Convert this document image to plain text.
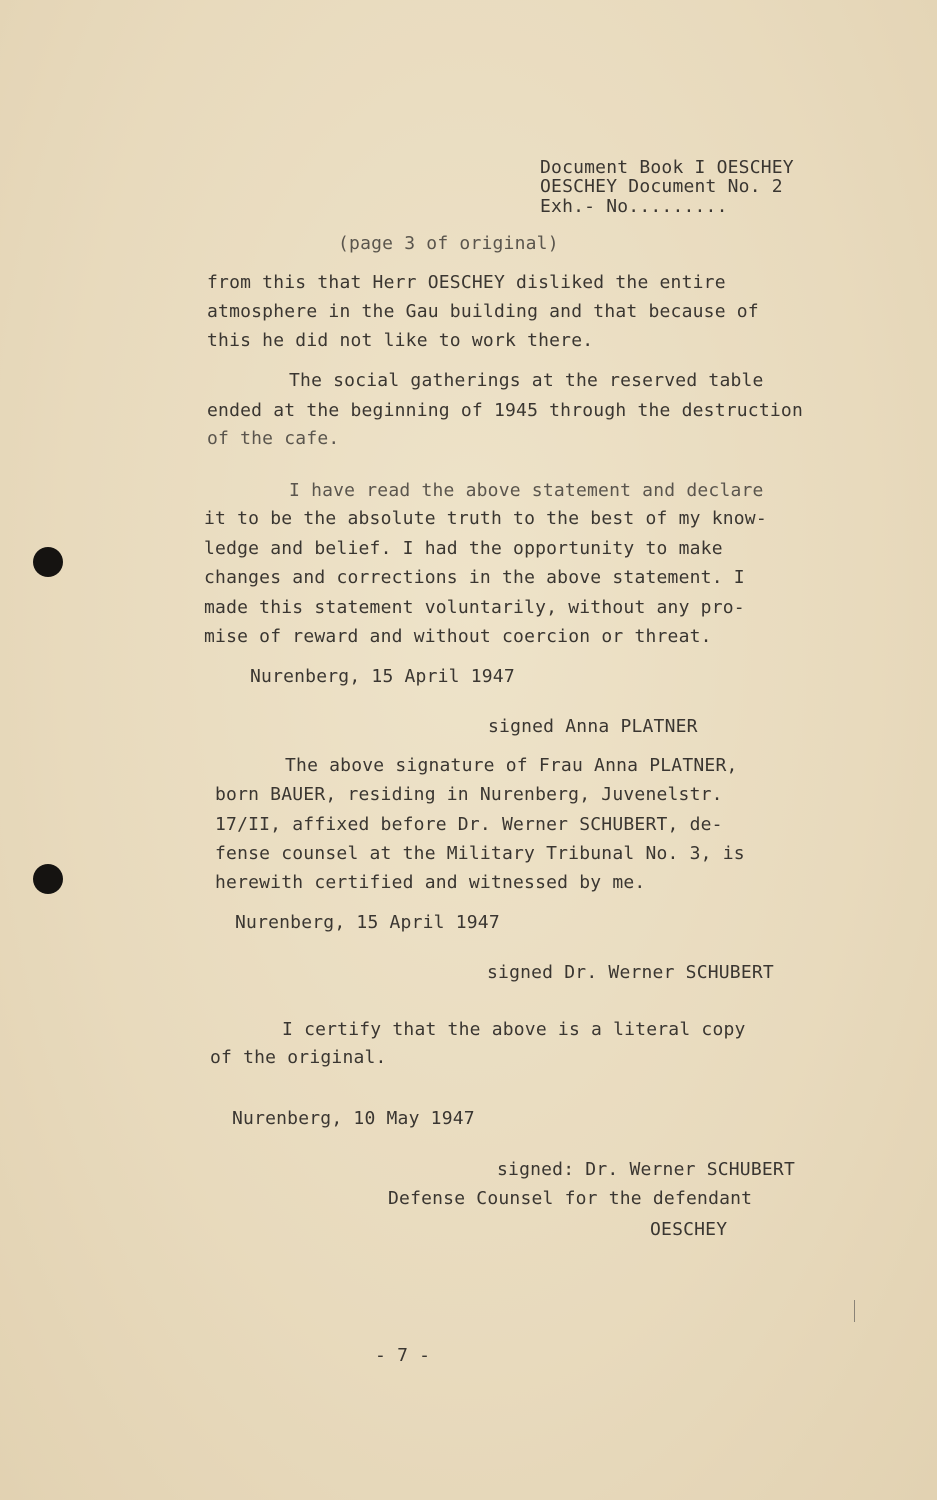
Document Book I OESCHEY
OESCHEY Document No. 2
Exh.- No.........
(page 3 of original)
from this that Herr OESCHEY disliked the entire
atmosphere in the Gau building and that because of
this he did not like to work there.
The social gatherings at the reserved table
ended at the beginning of 1945 through the destruction
of the cafe.
I have read the above statement and declare
it to be the absolute truth to the best of my know-
ledge and belief. I had the opportunity to make
changes and corrections in the above statement. I
made this statement voluntarily, without any pro-
mise of reward and without coercion or threat.
Nurenberg, 15 April 1947
signed Anna PLATNER
The above signature of Frau Anna PLATNER,
born BAUER, residing in Nurenberg, Juvenelstr.
17/II, affixed before Dr. Werner SCHUBERT, de-
fense counsel at the Military Tribunal No. 3, is
herewith certified and witnessed by me.
Nurenberg, 15 April 1947
signed Dr. Werner SCHUBERT
I certify that the above is a literal copy
of the original.
Nurenberg, 10 May 1947
signed: Dr. Werner SCHUBERT
Defense Counsel for the defendant
OESCHEY
- 7 -
